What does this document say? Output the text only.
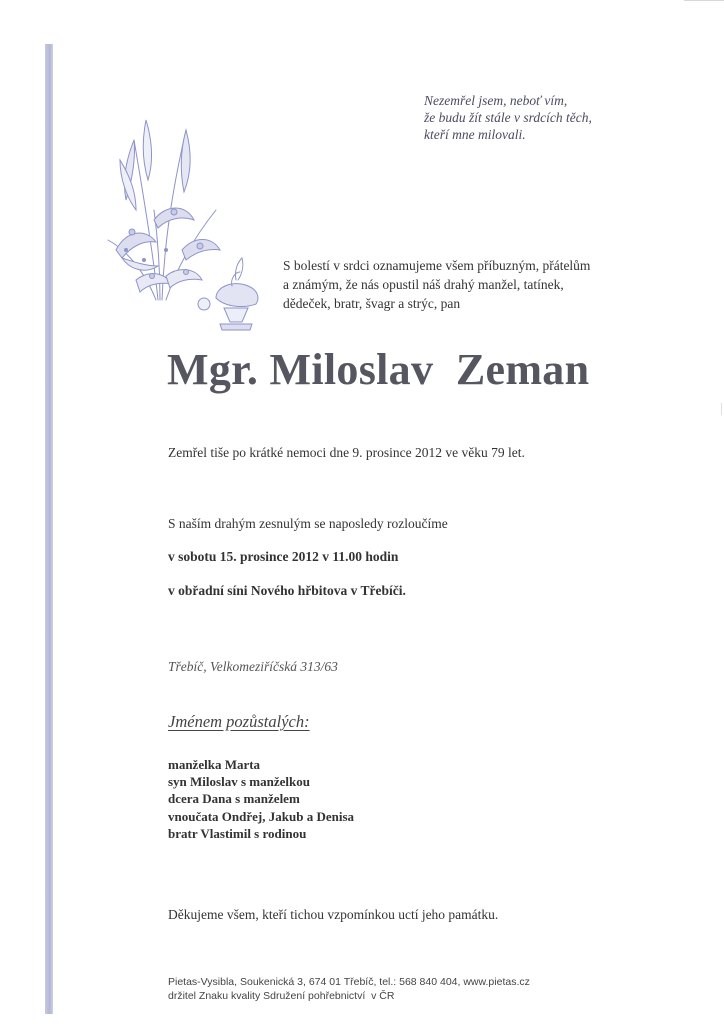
Nezemřel jsem, neboť vím,
že budu žít stále v srdcích těch,
kteří mne milovali.
S bolestí v srdci oznamujeme všem příbuzným, přátelům
a známým, že nás opustil náš drahý manžel, tatínek,
dědeček, bratr, švagr a strýc, pan
Mgr. Miloslav  Zeman
Zemřel tiše po krátké nemoci dne 9. prosince 2012 ve věku 79 let.
S naším drahým zesnulým se naposledy rozloučíme
v sobotu 15. prosince 2012 v 11.00 hodin
v obřadní síni Nového hřbitova v Třebíči.
Třebíč, Velkomeziříčská 313/63
Jménem pozůstalých:
manželka Marta
syn Miloslav s manželkou
dcera Dana s manželem
vnoučata Ondřej, Jakub a Denisa
bratr Vlastimil s rodinou
Děkujeme všem, kteří tichou vzpomínkou uctí jeho památku.
Pietas-Vysibla, Soukenická 3, 674 01 Třebíč, tel.: 568 840 404, www.pietas.cz
držitel Znaku kvality Sdružení pohřebnictví  v ČR
